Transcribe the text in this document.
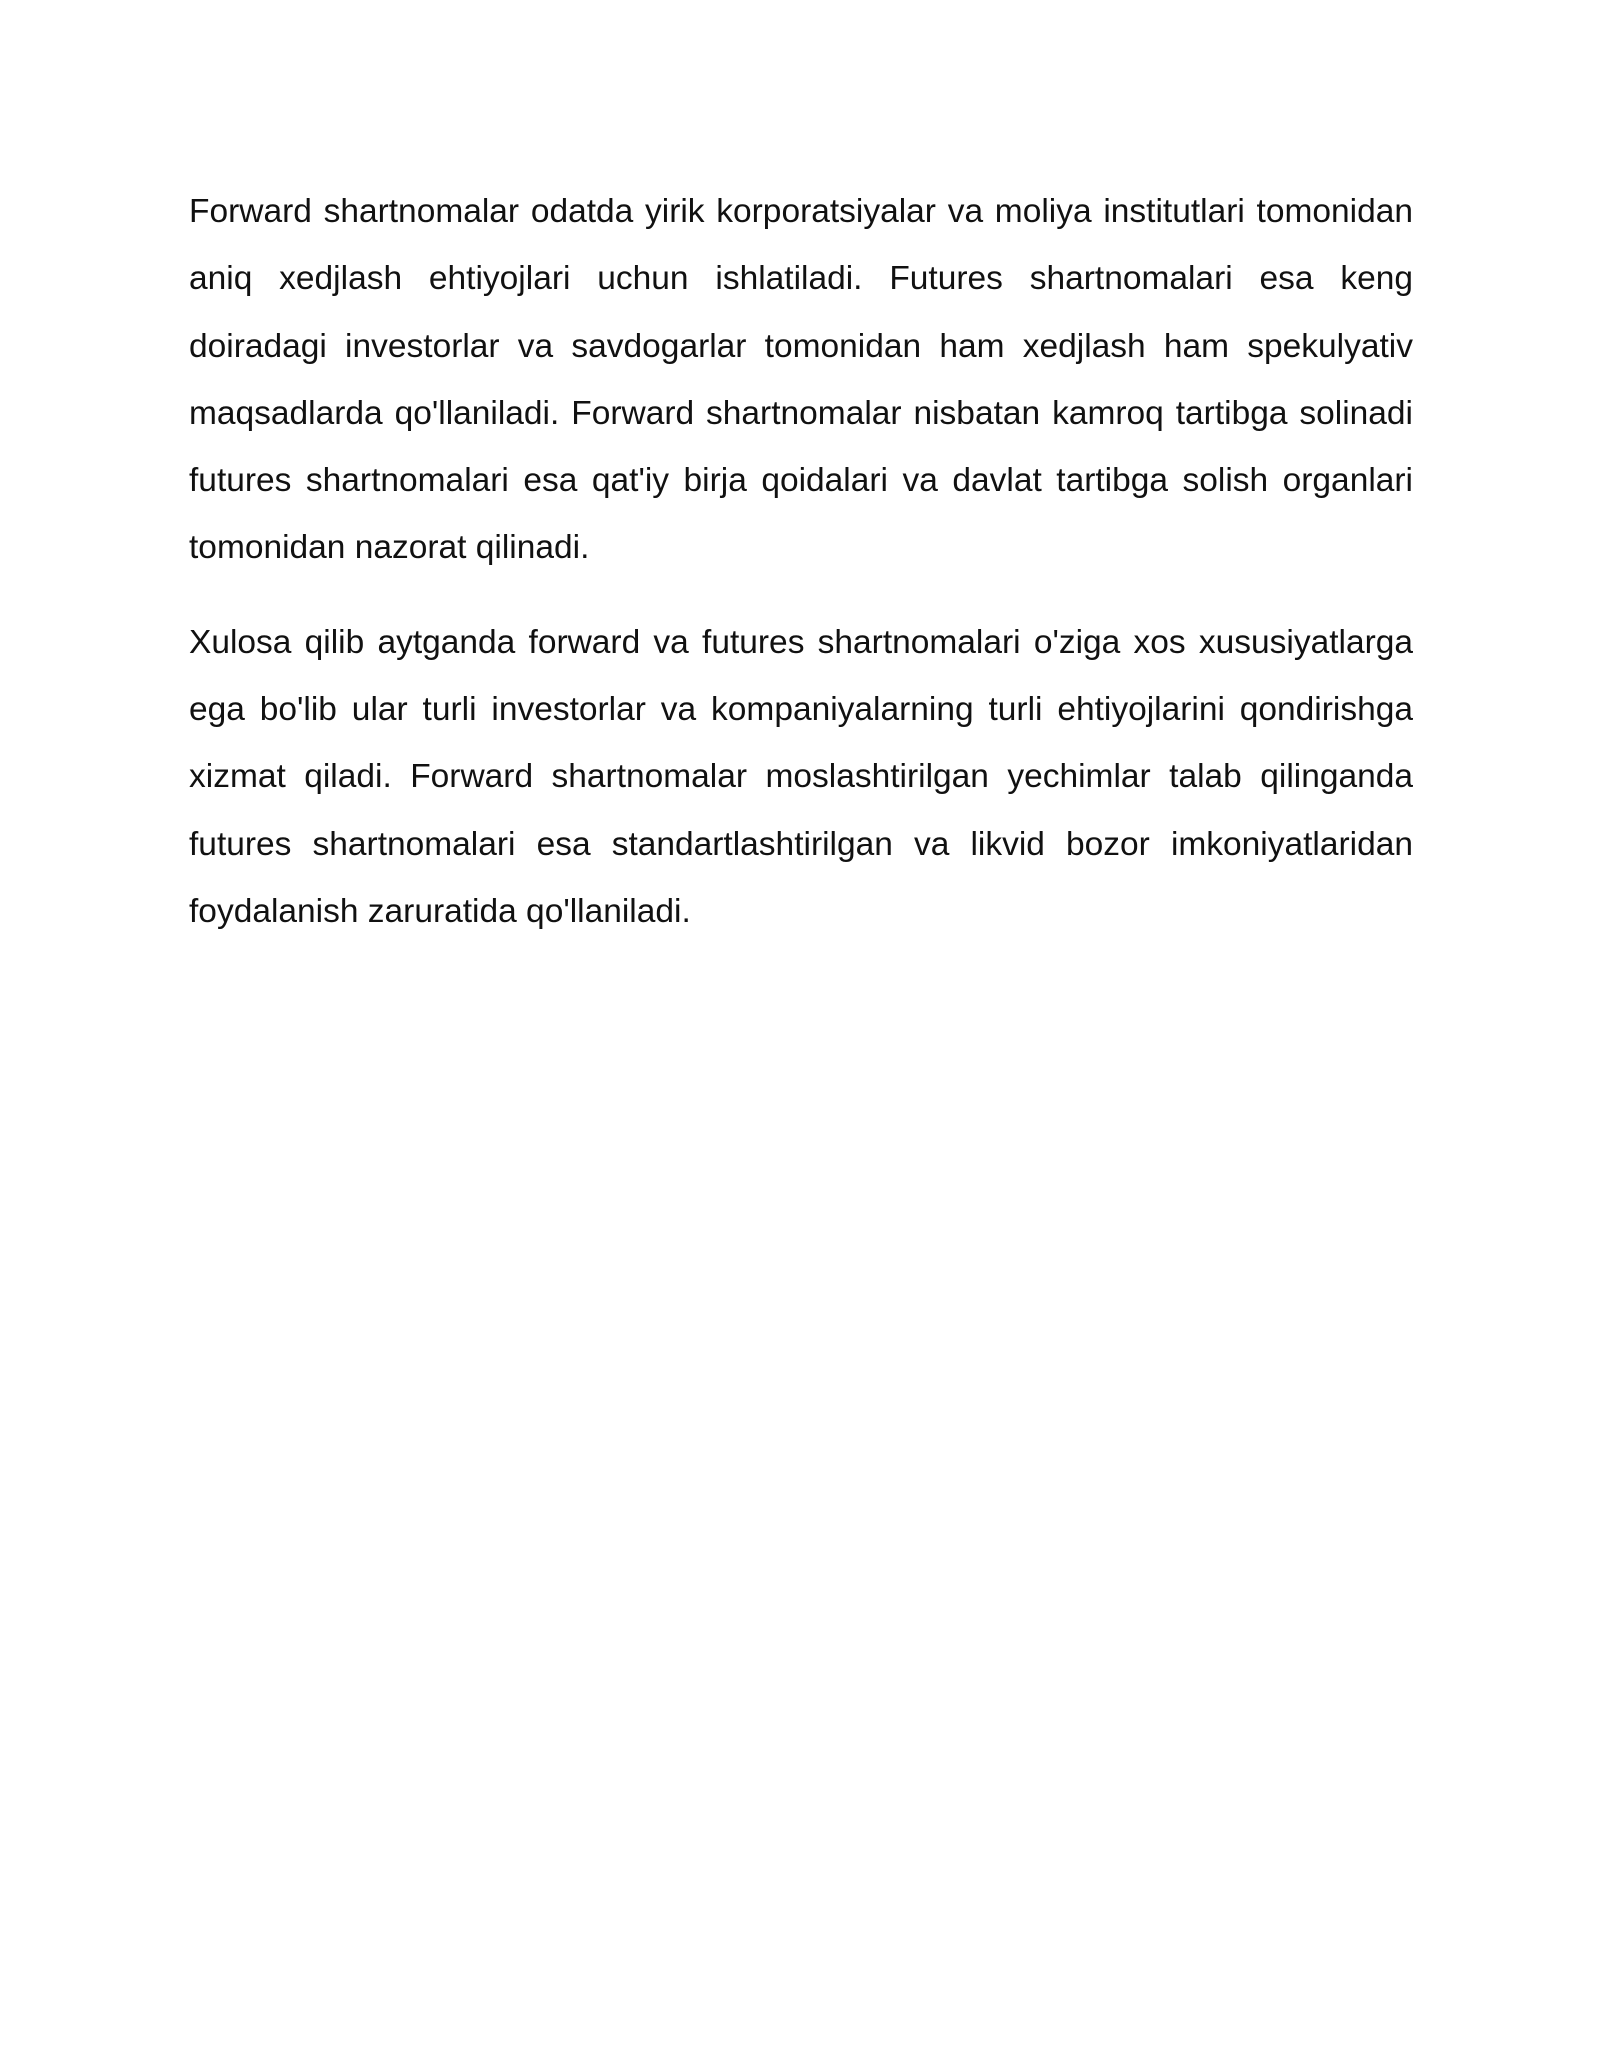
Forward shartnomalar odatda yirik korporatsiyalar va moliya institutlari tomonidan aniq xedjlash ehtiyojlari uchun ishlatiladi. Futures shartnomalari esa keng doiradagi investorlar va savdogarlar tomonidan ham xedjlash ham spekulyativ maqsadlarda qo'llaniladi. Forward shartnomalar nisbatan kamroq tartibga solinadi futures shartnomalari esa qat'iy birja qoidalari va davlat tartibga solish organlari tomonidan nazorat qilinadi.

Xulosa qilib aytganda forward va futures shartnomalari o'ziga xos xususiyatlarga ega bo'lib ular turli investorlar va kompaniyalarning turli ehtiyojlarini qondirishga xizmat qiladi. Forward shartnomalar moslashtirilgan yechimlar talab qilinganda futures shartnomalari esa standartlashtirilgan va likvid bozor imkoniyatlaridan foydalanish zaruratida qo'llaniladi.
